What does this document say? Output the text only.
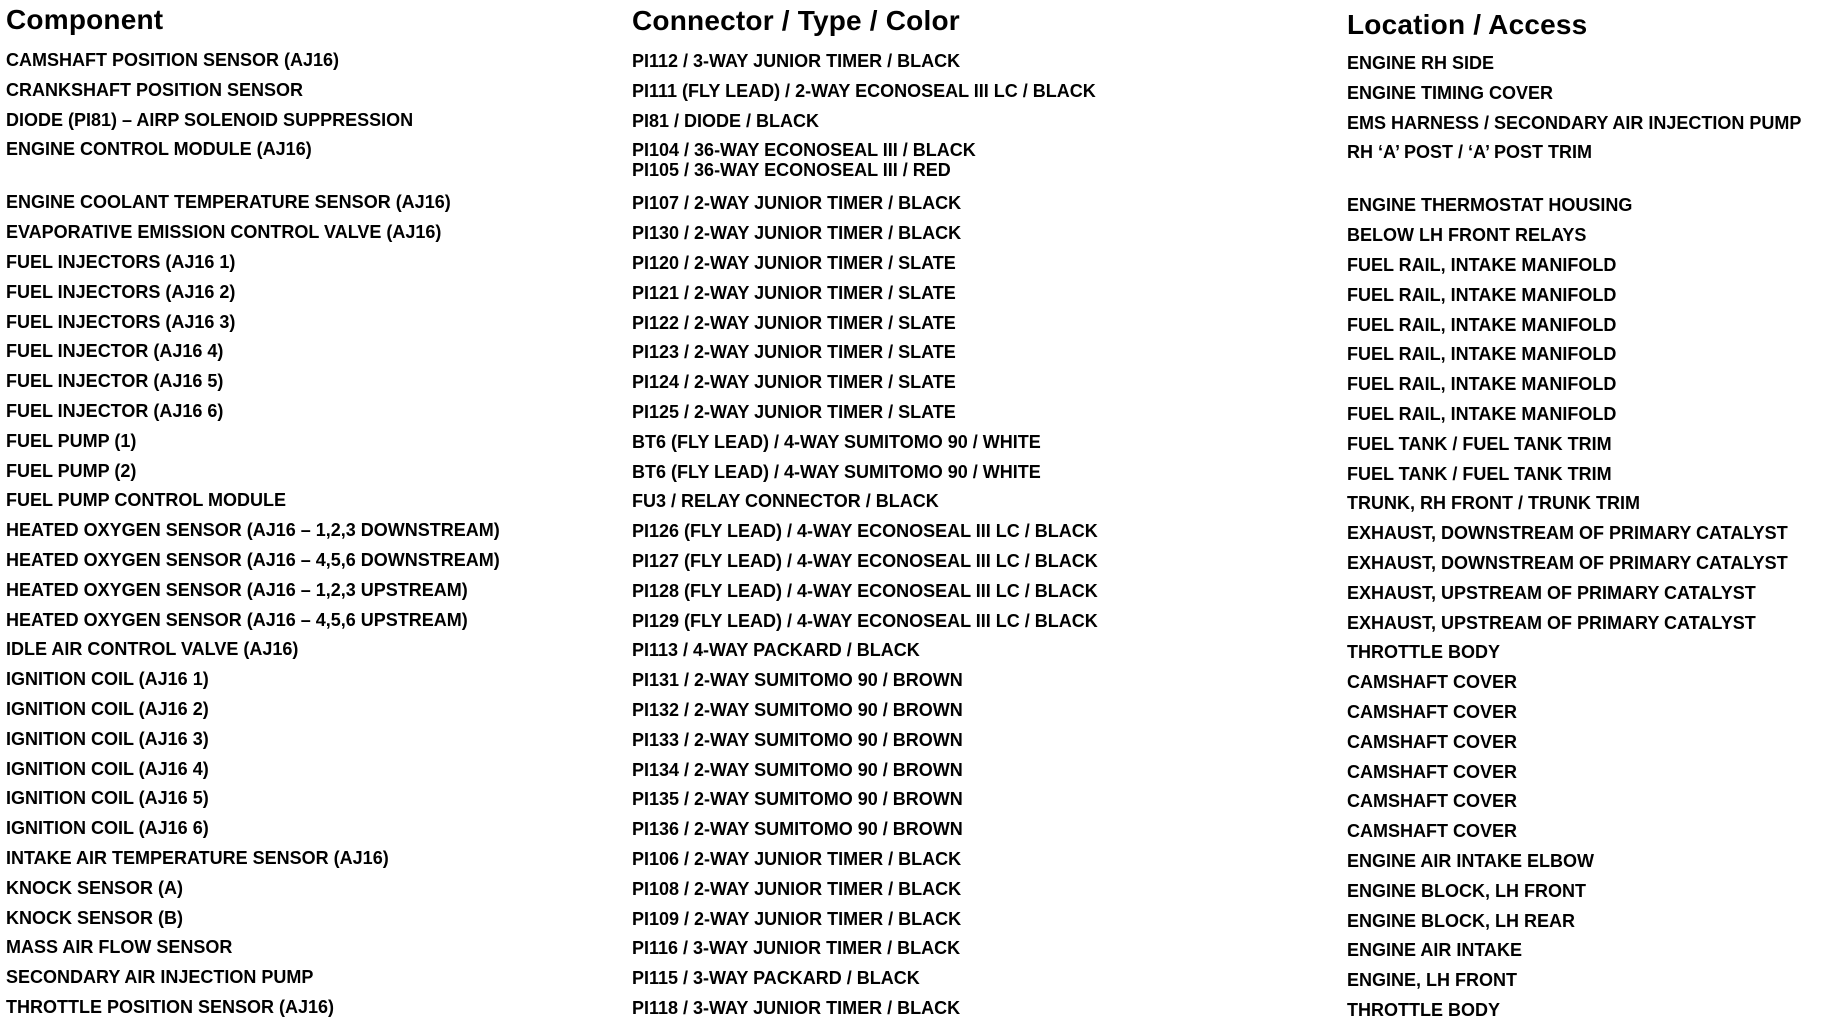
Component
CAMSHAFT POSITION SENSOR (AJ16)
CRANKSHAFT POSITION SENSOR
DIODE (PI81) – AIRP SOLENOID SUPPRESSION
ENGINE CONTROL MODULE (AJ16)
ENGINE COOLANT TEMPERATURE SENSOR (AJ16)
EVAPORATIVE EMISSION CONTROL VALVE (AJ16)
FUEL INJECTORS (AJ16 1)
FUEL INJECTORS (AJ16 2)
FUEL INJECTORS (AJ16 3)
FUEL INJECTOR (AJ16 4)
FUEL INJECTOR (AJ16 5)
FUEL INJECTOR (AJ16 6)
FUEL PUMP (1)
FUEL PUMP (2)
FUEL PUMP CONTROL MODULE
HEATED OXYGEN SENSOR (AJ16 – 1,2,3 DOWNSTREAM)
HEATED OXYGEN SENSOR (AJ16 – 4,5,6 DOWNSTREAM)
HEATED OXYGEN SENSOR (AJ16 – 1,2,3 UPSTREAM)
HEATED OXYGEN SENSOR (AJ16 – 4,5,6 UPSTREAM)
IDLE AIR CONTROL VALVE (AJ16)
IGNITION COIL (AJ16 1)
IGNITION COIL (AJ16 2)
IGNITION COIL (AJ16 3)
IGNITION COIL (AJ16 4)
IGNITION COIL (AJ16 5)
IGNITION COIL (AJ16 6)
INTAKE AIR TEMPERATURE SENSOR (AJ16)
KNOCK SENSOR (A)
KNOCK SENSOR (B)
MASS AIR FLOW SENSOR
SECONDARY AIR INJECTION PUMP
THROTTLE POSITION SENSOR (AJ16)
Connector / Type / Color
PI112 / 3-WAY JUNIOR TIMER / BLACK
PI111 (FLY LEAD) / 2-WAY ECONOSEAL III LC / BLACK
PI81 / DIODE / BLACK
PI104 / 36-WAY ECONOSEAL III / BLACK
PI105 / 36-WAY ECONOSEAL III / RED
PI107 / 2-WAY JUNIOR TIMER / BLACK
PI130 / 2-WAY JUNIOR TIMER / BLACK
PI120 / 2-WAY JUNIOR TIMER / SLATE
PI121 / 2-WAY JUNIOR TIMER / SLATE
PI122 / 2-WAY JUNIOR TIMER / SLATE
PI123 / 2-WAY JUNIOR TIMER / SLATE
PI124 / 2-WAY JUNIOR TIMER / SLATE
PI125 / 2-WAY JUNIOR TIMER / SLATE
BT6 (FLY LEAD) / 4-WAY SUMITOMO 90 / WHITE
BT6 (FLY LEAD) / 4-WAY SUMITOMO 90 / WHITE
FU3 / RELAY CONNECTOR / BLACK
PI126 (FLY LEAD) / 4-WAY ECONOSEAL III LC / BLACK
PI127 (FLY LEAD) / 4-WAY ECONOSEAL III LC / BLACK
PI128 (FLY LEAD) / 4-WAY ECONOSEAL III LC / BLACK
PI129 (FLY LEAD) / 4-WAY ECONOSEAL III LC / BLACK
PI113 / 4-WAY PACKARD / BLACK
PI131 / 2-WAY SUMITOMO 90 / BROWN
PI132 / 2-WAY SUMITOMO 90 / BROWN
PI133 / 2-WAY SUMITOMO 90 / BROWN
PI134 / 2-WAY SUMITOMO 90 / BROWN
PI135 / 2-WAY SUMITOMO 90 / BROWN
PI136 / 2-WAY SUMITOMO 90 / BROWN
PI106 / 2-WAY JUNIOR TIMER / BLACK
PI108 / 2-WAY JUNIOR TIMER / BLACK
PI109 / 2-WAY JUNIOR TIMER / BLACK
PI116 / 3-WAY JUNIOR TIMER / BLACK
PI115 / 3-WAY PACKARD / BLACK
PI118 / 3-WAY JUNIOR TIMER / BLACK
Location / Access
ENGINE RH SIDE
ENGINE TIMING COVER
EMS HARNESS / SECONDARY AIR INJECTION PUMP
RH ‘A’ POST / ‘A’ POST TRIM
ENGINE THERMOSTAT HOUSING
BELOW LH FRONT RELAYS
FUEL RAIL, INTAKE MANIFOLD
FUEL RAIL, INTAKE MANIFOLD
FUEL RAIL, INTAKE MANIFOLD
FUEL RAIL, INTAKE MANIFOLD
FUEL RAIL, INTAKE MANIFOLD
FUEL RAIL, INTAKE MANIFOLD
FUEL TANK / FUEL TANK TRIM
FUEL TANK / FUEL TANK TRIM
TRUNK, RH FRONT / TRUNK TRIM
EXHAUST, DOWNSTREAM OF PRIMARY CATALYST
EXHAUST, DOWNSTREAM OF PRIMARY CATALYST
EXHAUST, UPSTREAM OF PRIMARY CATALYST
EXHAUST, UPSTREAM OF PRIMARY CATALYST
THROTTLE BODY
CAMSHAFT COVER
CAMSHAFT COVER
CAMSHAFT COVER
CAMSHAFT COVER
CAMSHAFT COVER
CAMSHAFT COVER
ENGINE AIR INTAKE ELBOW
ENGINE BLOCK, LH FRONT
ENGINE BLOCK, LH REAR
ENGINE AIR INTAKE
ENGINE, LH FRONT
THROTTLE BODY
